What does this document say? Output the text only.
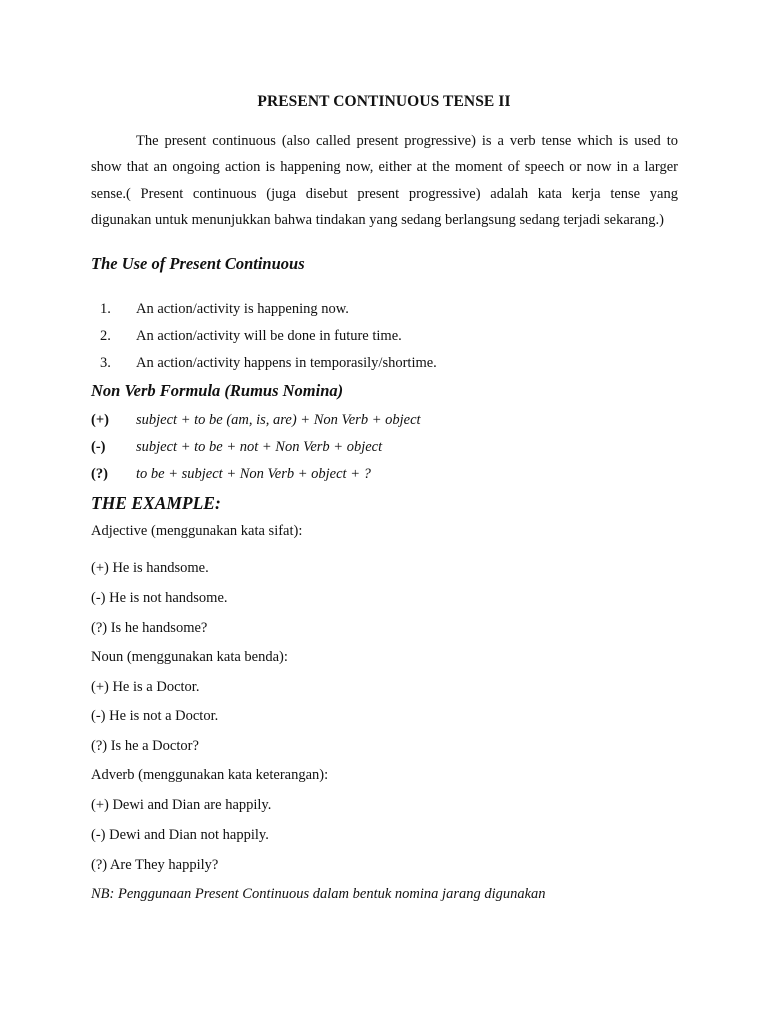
PRESENT CONTINUOUS TENSE II
The present continuous (also called present progressive) is a verb tense which is used to
show that an ongoing action is happening now, either at the moment of speech or now in a larger
sense.( Present continuous (juga disebut present progressive) adalah kata kerja tense yang
digunakan untuk menunjukkan bahwa tindakan yang sedang berlangsung sedang terjadi sekarang.)
The Use of Present Continuous
1. An action/activity is happening now.
2. An action/activity will be done in future time.
3. An action/activity happens in temporasily/shortime.
Non Verb Formula (Rumus Nomina)
(+) subject + to be (am, is, are) + Non Verb + object
(-) subject + to be + not + Non Verb + object
(?) to be + subject + Non Verb + object + ?
THE EXAMPLE:
Adjective (menggunakan kata sifat):
(+) He is handsome.
(-) He is not handsome.
(?) Is he handsome?
Noun (menggunakan kata benda):
(+) He is a Doctor.
(-) He is not a Doctor.
(?) Is he a Doctor?
Adverb (menggunakan kata keterangan):
(+) Dewi and Dian are happily.
(-) Dewi and Dian not happily.
(?) Are They happily?
NB: Penggunaan Present Continuous dalam bentuk nomina jarang digunakan
